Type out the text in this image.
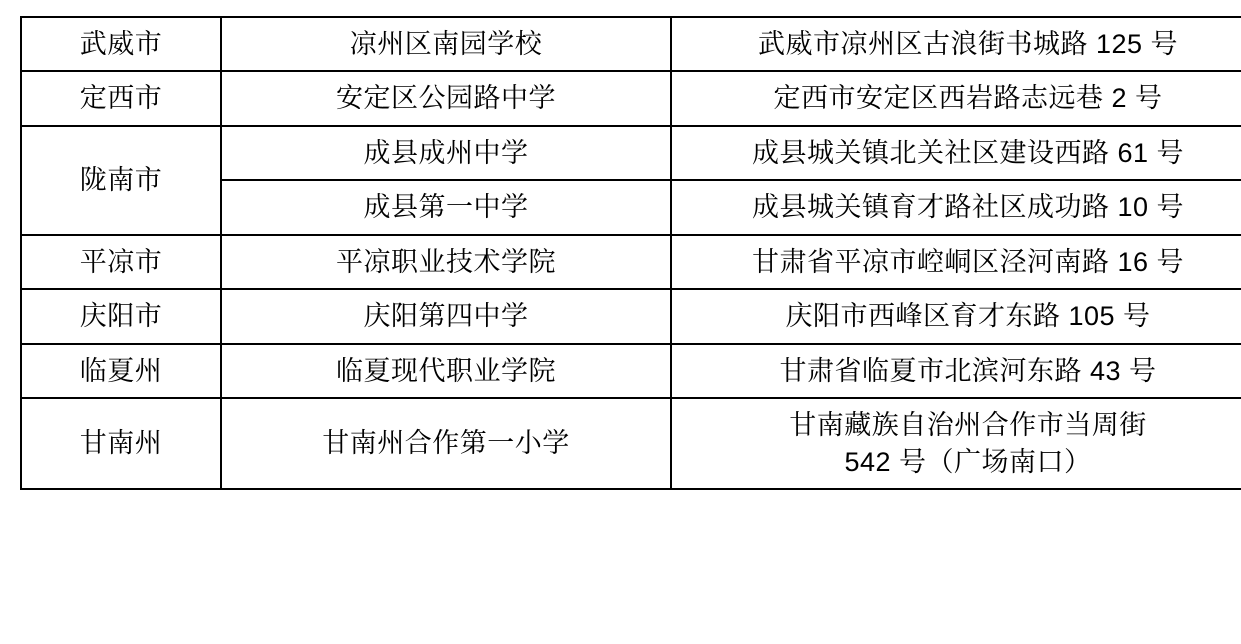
武威市	凉州区南园学校	武威市凉州区古浪街书城路 125 号
定西市	安定区公园路中学	定西市安定区西岩路志远巷 2 号
陇南市	成县成州中学	成县城关镇北关社区建设西路 61 号
	成县第一中学	成县城关镇育才路社区成功路 10 号
平凉市	平凉职业技术学院	甘肃省平凉市崆峒区泾河南路 16 号
庆阳市	庆阳第四中学	庆阳市西峰区育才东路 105 号
临夏州	临夏现代职业学院	甘肃省临夏市北滨河东路 43 号
甘南州	甘南州合作第一小学	甘南藏族自治州合作市当周街
542 号（广场南口）
